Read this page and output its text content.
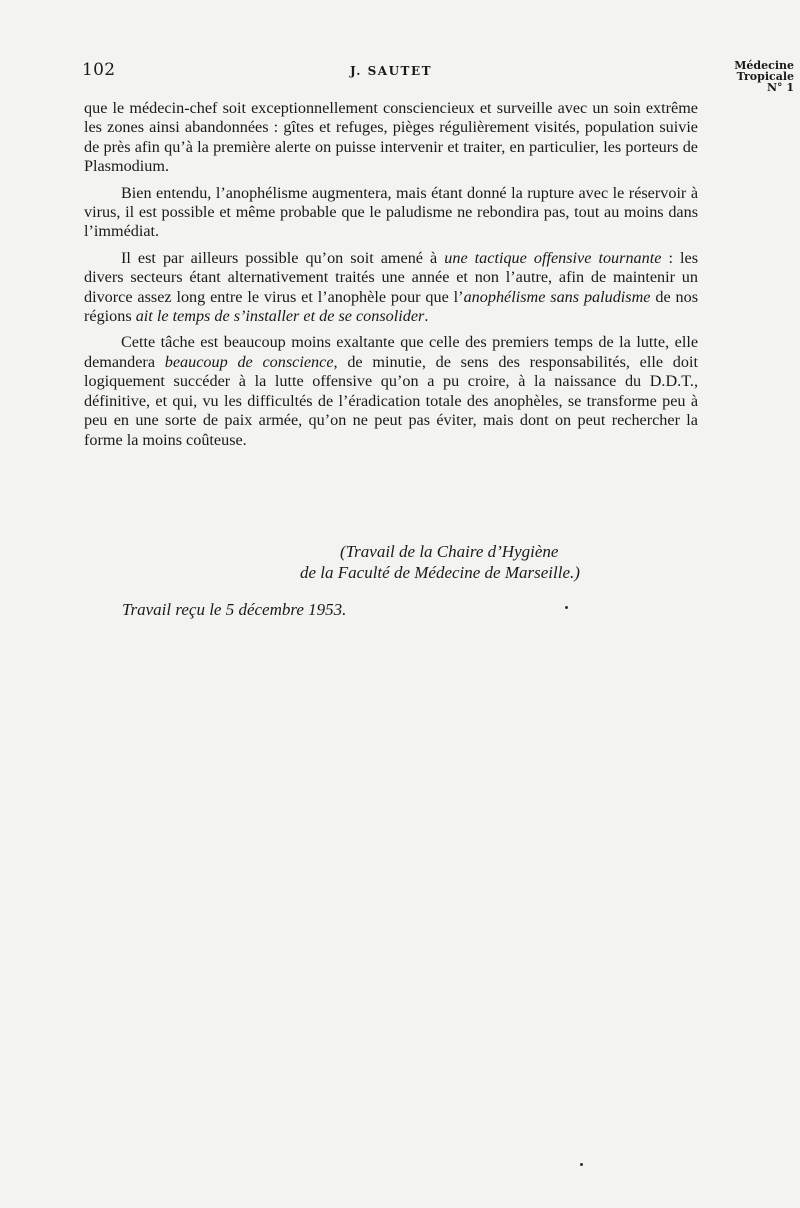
102	J. SAUTET	Médecine
Tropicale
N° 1

que le médecin-chef soit exceptionnellement consciencieux et surveille avec un soin extrême les zones ainsi abandonnées : gîtes et refuges, pièges régulièrement visités, population suivie de près afin qu’à la première alerte on puisse intervenir et traiter, en particulier, les porteurs de Plasmodium.

Bien entendu, l’anophélisme augmentera, mais étant donné la rupture avec le réservoir à virus, il est possible et même probable que le paludisme ne rebondira pas, tout au moins dans l’immédiat.

Il est par ailleurs possible qu’on soit amené à une tactique offensive tournante : les divers secteurs étant alternativement traités une année et non l’autre, afin de maintenir un divorce assez long entre le virus et l’anophèle pour que l’anophélisme sans paludisme de nos régions ait le temps de s’installer et de se consolider.

Cette tâche est beaucoup moins exaltante que celle des premiers temps de la lutte, elle demandera beaucoup de conscience, de minutie, de sens des responsabilités, elle doit logiquement succéder à la lutte offensive qu’on a pu croire, à la naissance du D.D.T., définitive, et qui, vu les difficultés de l’éradication totale des anophèles, se transforme peu à peu en une sorte de paix armée, qu’on ne peut pas éviter, mais dont on peut rechercher la forme la moins coûteuse.

(Travail de la Chaire d’Hygiène
de la Faculté de Médecine de Marseille.)
Travail reçu le 5 décembre 1953.
